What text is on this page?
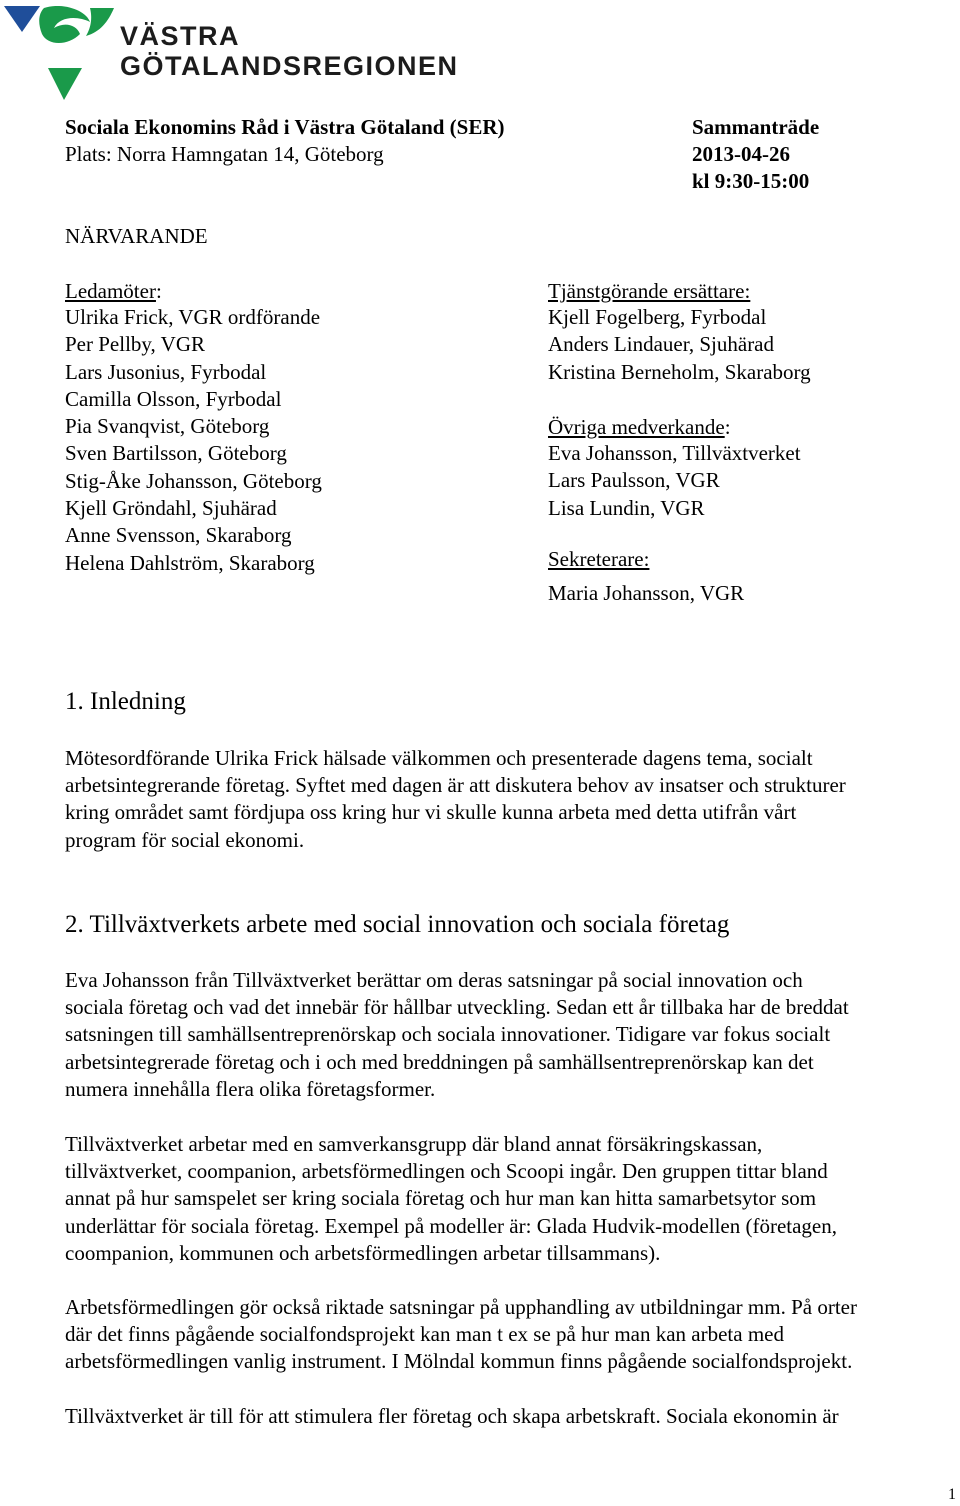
VÄSTRA
GÖTALANDSREGIONEN
Sociala Ekonomins Råd i Västra Götaland (SER)
Plats: Norra Hamngatan 14, Göteborg
Sammanträde
2013-04-26
kl 9:30-15:00
NÄRVARANDE
Ledamöter:
Ulrika Frick, VGR ordförande
Per Pellby, VGR
Lars Jusonius, Fyrbodal
Camilla Olsson, Fyrbodal
Pia Svanqvist, Göteborg
Sven Bartilsson, Göteborg
Stig-Åke Johansson, Göteborg
Kjell Gröndahl, Sjuhärad
Anne Svensson, Skaraborg
Helena Dahlström, Skaraborg
Tjänstgörande ersättare:
Kjell Fogelberg, Fyrbodal
Anders Lindauer, Sjuhärad
Kristina Berneholm, Skaraborg
Övriga medverkande:
Eva Johansson, Tillväxtverket
Lars Paulsson, VGR
Lisa Lundin, VGR
Sekreterare:
Maria Johansson, VGR
1. Inledning
Mötesordförande Ulrika Frick hälsade välkommen och presenterade dagens tema, socialt
arbetsintegrerande företag. Syftet med dagen är att diskutera behov av insatser och strukturer
kring området samt fördjupa oss kring hur vi skulle kunna arbeta med detta utifrån vårt
program för social ekonomi.
2. Tillväxtverkets arbete med social innovation och sociala företag
Eva Johansson från Tillväxtverket berättar om deras satsningar på social innovation och
sociala företag och vad det innebär för hållbar utveckling. Sedan ett år tillbaka har de breddat
satsningen till samhällsentreprenörskap och sociala innovationer. Tidigare var fokus socialt
arbetsintegrerade företag och i och med breddningen på samhällsentreprenörskap kan det
numera innehålla flera olika företagsformer.
Tillväxtverket arbetar med en samverkansgrupp där bland annat försäkringskassan,
tillväxtverket, coompanion, arbetsförmedlingen och Scoopi ingår. Den gruppen tittar bland
annat på hur samspelet ser kring sociala företag och hur man kan hitta samarbetsytor som
underlättar för sociala företag. Exempel på modeller är: Glada Hudvik-modellen (företagen,
coompanion, kommunen och arbetsförmedlingen arbetar tillsammans).
Arbetsförmedlingen gör också riktade satsningar på upphandling av utbildningar mm. På orter
där det finns pågående socialfondsprojekt kan man t ex se på hur man kan arbeta med
arbetsförmedlingen vanlig instrument. I Mölndal kommun finns pågående socialfondsprojekt.
Tillväxtverket är till för att stimulera fler företag och skapa arbetskraft. Sociala ekonomin är
1
